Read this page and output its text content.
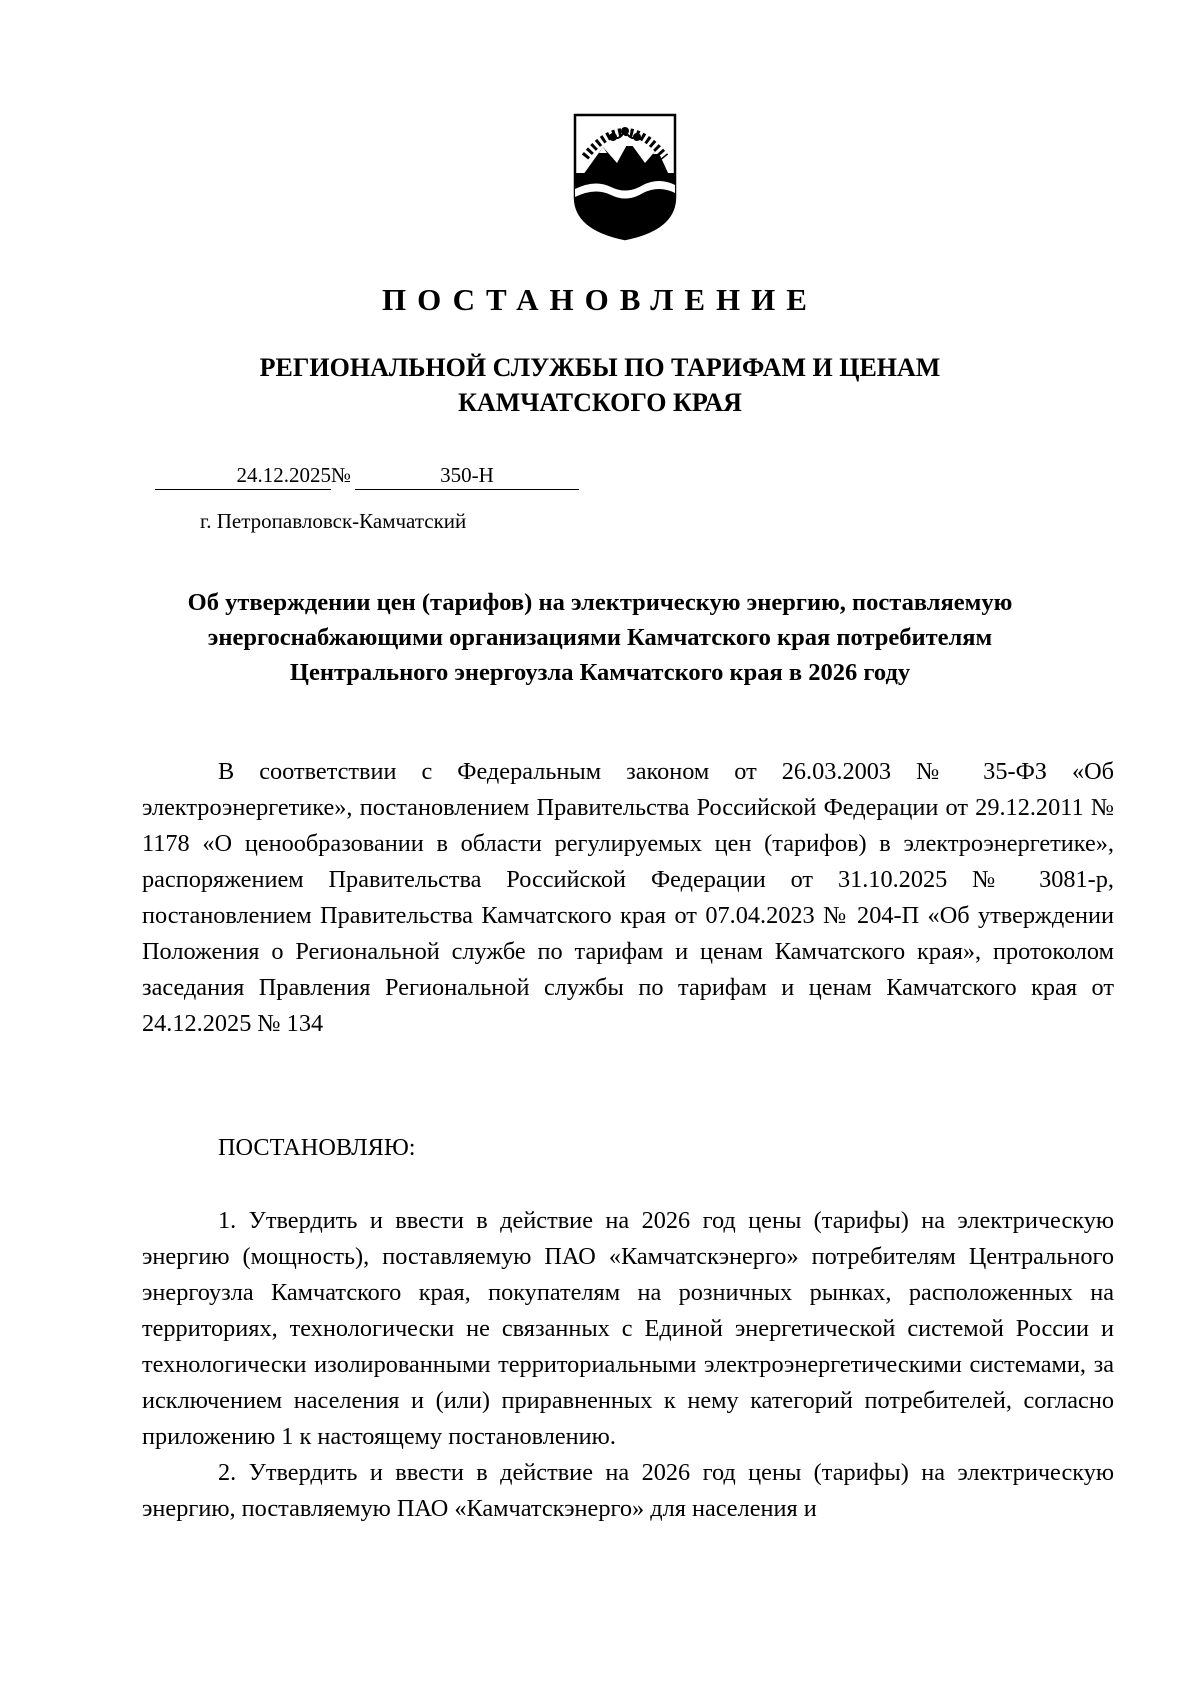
ПОСТАНОВЛЕНИЕ
РЕГИОНАЛЬНОЙ СЛУЖБЫ ПО ТАРИФАМ И ЦЕНАМ
КАМЧАТСКОГО КРАЯ
24.12.2025 №	350-Н
г. Петропавловск-Камчатский
Об утверждении цен (тарифов) на электрическую энергию, поставляемую
энергоснабжающими организациями Камчатского края потребителям
Центрального энергоузла Камчатского края в 2026 году

В соответствии с Федеральным законом от 26.03.2003 № 35-ФЗ «Об электроэнергетике», постановлением Правительства Российской Федерации от 29.12.2011 № 1178 «О ценообразовании в области регулируемых цен (тарифов) в электроэнергетике», распоряжением Правительства Российской Федерации от 31.10.2025 № 3081-р, постановлением Правительства Камчатского края от 07.04.2023 № 204-П «Об утверждении Положения о Региональной службе по тарифам и ценам Камчатского края», протоколом заседания Правления Региональной службы по тарифам и ценам Камчатского края от 24.12.2025 № 134

ПОСТАНОВЛЯЮ:

1. Утвердить и ввести в действие на 2026 год цены (тарифы) на электрическую энергию (мощность), поставляемую ПАО «Камчатскэнерго» потребителям Центрального энергоузла Камчатского края, покупателям на розничных рынках, расположенных на территориях, технологически не связанных с Единой энергетической системой России и технологически изолированными территориальными электроэнергетическими системами, за исключением населения и (или) приравненных к нему категорий потребителей, согласно приложению 1 к настоящему постановлению.

2. Утвердить и ввести в действие на 2026 год цены (тарифы) на электрическую энергию, поставляемую ПАО «Камчатскэнерго» для населения и
